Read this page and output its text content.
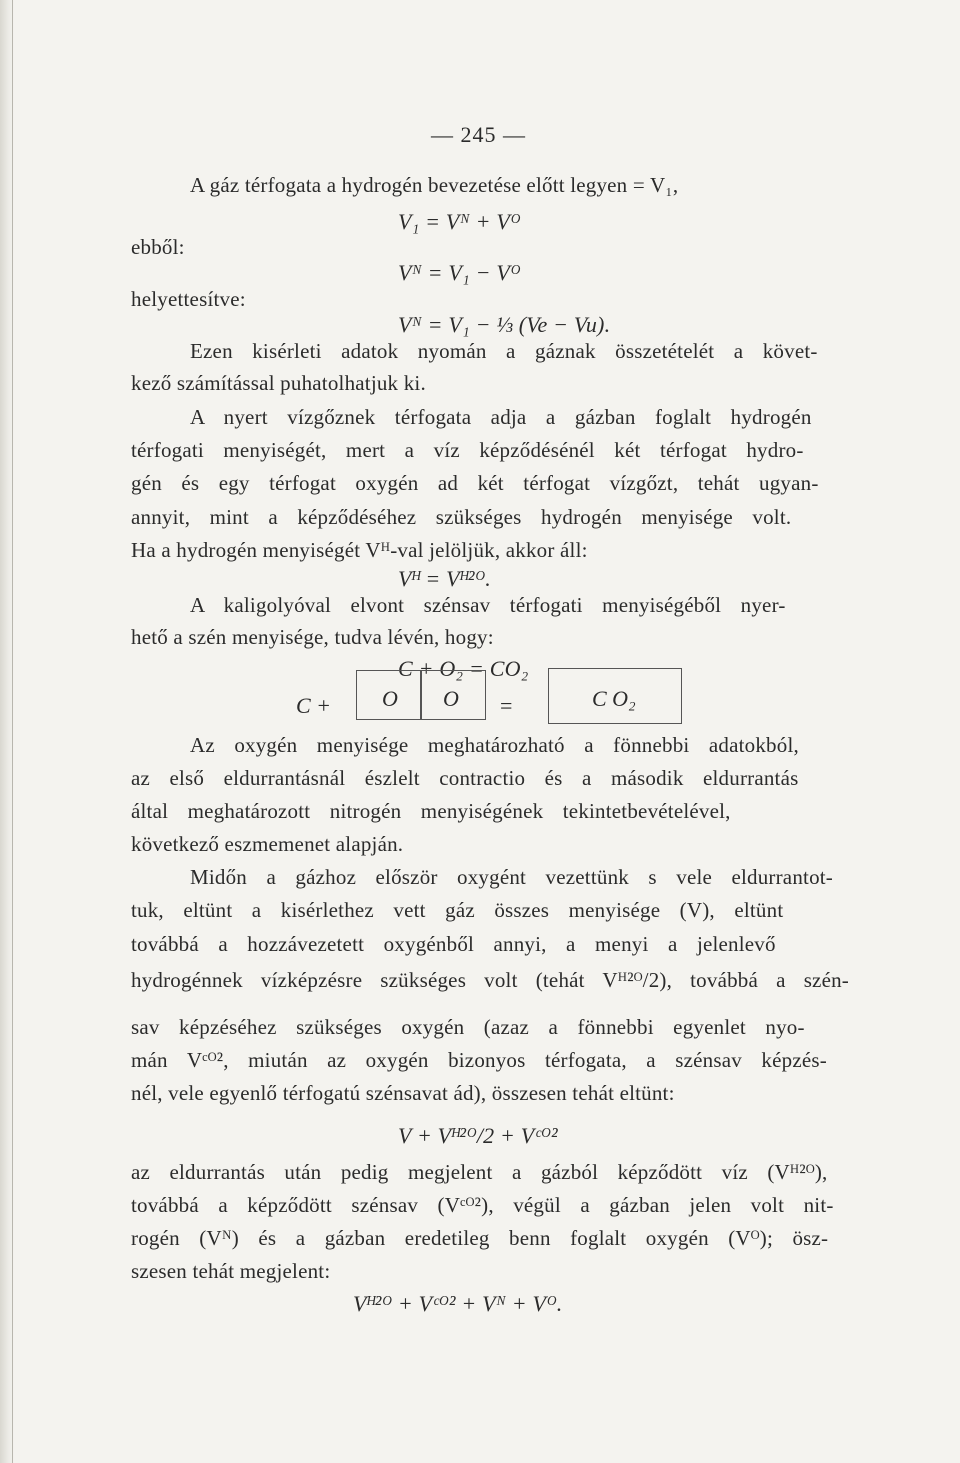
— 245 —
A gáz térfogata a hydrogén bevezetése előtt legyen = V₁,
V₁ = Vᴺ + Vᴼ
ebből:
Vᴺ = V₁ − Vᴼ
helyettesítve:
Vᴺ = V₁ − ⅓ (Ve − Vu).
Ezen kisérleti adatok nyomán a gáznak összetételét a követ-
kező számítással puhatolhatjuk ki.
A nyert vízgőznek térfogata adja a gázban foglalt hydrogén
térfogati menyiségét, mert a víz képződésénél két térfogat hydro-
gén és egy térfogat oxygén ad két térfogat vízgőzt, tehát ugyan-
annyit, mint a képződéséhez szükséges hydrogén menyisége volt.
Ha a hydrogén menyiségét Vᴴ-val jelöljük, akkor áll:
Vᴴ = Vᴴ²ᴼ.
A kaligolyóval elvont szénsav térfogati menyiségéből nyer-
hető a szén menyisége, tudva lévén, hogy:
C + O₂ = CO₂
C + O O =	C O₂
Az oxygén menyisége meghatározható a fönnebbi adatokból,
az első eldurrantásnál észlelt contractio és a második eldurrantás
által meghatározott nitrogén menyiségének tekintetbevételével,
következő eszmemenet alapján.
Midőn a gázhoz először oxygént vezettünk s vele eldurrantot-
tuk, eltünt a kisérlethez vett gáz összes menyisége (V), eltünt
továbbá a hozzávezetett oxygénből annyi, a menyi a jelenlevő
hydrogénnek vízképzésre szükséges volt (tehát Vᴴ²ᴼ/2), továbbá a szén-
sav képzéséhez szükséges oxygén (azaz a fönnebbi egyenlet nyo-
mán Vᶜᴼ², miután az oxygén bizonyos térfogata, a szénsav képzés-
nél, vele egyenlő térfogatú szénsavat ád), összesen tehát eltünt:
V + Vᴴ²ᴼ/2 + Vᶜᴼ²
az eldurrantás után pedig megjelent a gázból képződött víz (Vᴴ²ᴼ),
továbbá a képződött szénsav (Vᶜᴼ²), végül a gázban jelen volt nit-
rogén (Vᴺ) és a gázban eredetileg benn foglalt oxygén (Vᴼ); ösz-
szesen tehát megjelent:
Vᴴ²ᴼ + Vᶜᴼ² + Vᴺ + Vᴼ.
